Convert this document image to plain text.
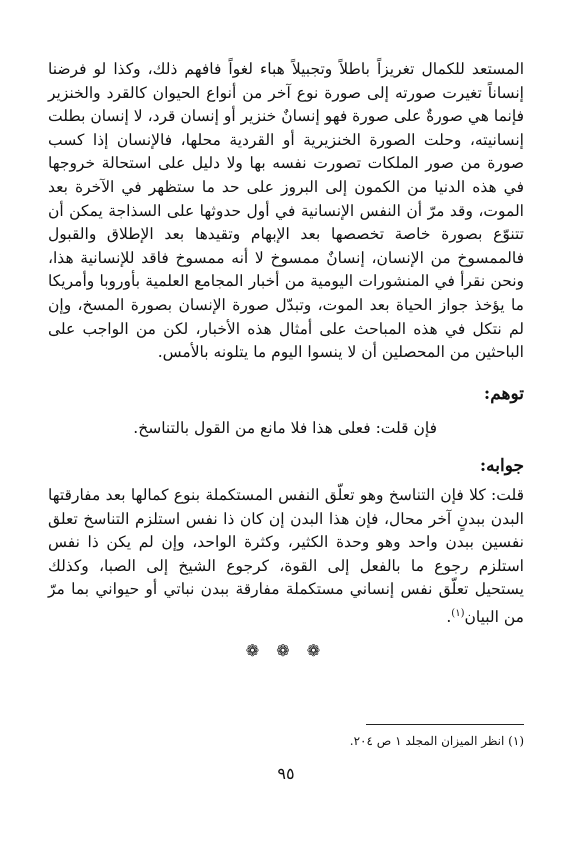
المستعد للكمال تغريزاً باطلاً وتجبيلاً هباء لغواً فافهم ذلك، وكذا لو فرضنا إنساناً تغيرت صورته إلى صورة نوع آخر من أنواع الحيوان كالقرد والخنزير فإنما هي صورةٌ على صورة فهو إنسانٌ خنزير أو إنسان قرد، لا إنسان بطلت إنسانيته، وحلت الصورة الخنزيرية أو القردية محلها، فالإنسان إذا كسب صورة من صور الملكات تصورت نفسه بها ولا دليل على استحالة خروجها في هذه الدنيا من الكمون إلى البروز على حد ما ستظهر في الآخرة بعد الموت، وقد مرّ أن النفس الإنسانية في أول حدوثها على السذاجة يمكن أن تتنوّع بصورة خاصة تخصصها بعد الإبهام وتقيدها بعد الإطلاق والقبول فالممسوخ من الإنسان، إنسانٌ ممسوخ لا أنه ممسوخ فاقد للإنسانية هذا، ونحن نقرأ في المنشورات اليومية من أخبار المجامع العلمية بأوروبا وأمريكا ما يؤخذ جواز الحياة بعد الموت، وتبدّل صورة الإنسان بصورة المسخ، وإن لم نتكل في هذه المباحث على أمثال هذه الأخبار، لكن من الواجب على الباحثين من المحصلين أن لا ينسوا اليوم ما يتلونه بالأمس.

توهم:

فإن قلت: فعلى هذا فلا مانع من القول بالتناسخ.

جوابه:

قلت: كلا فإن التناسخ وهو تعلّق النفس المستكملة بنوع كمالها بعد مفارقتها البدن ببدنٍ آخر محال، فإن هذا البدن إن كان ذا نفس استلزم التناسخ تعلق نفسين ببدن واحد وهو وحدة الكثير، وكثرة الواحد، وإن لم يكن ذا نفس استلزم رجوع ما بالفعل إلى القوة، كرجوع الشيخ إلى الصبا، وكذلك يستحيل تعلّق نفس إنساني مستكملة مفارقة ببدن نباتي أو حيواني بما مرّ من البيان$^{(١)}$.

❁ ❁ ❁

(١) انظر الميزان المجلد ١ ص ٢٠٤.

٩٥
